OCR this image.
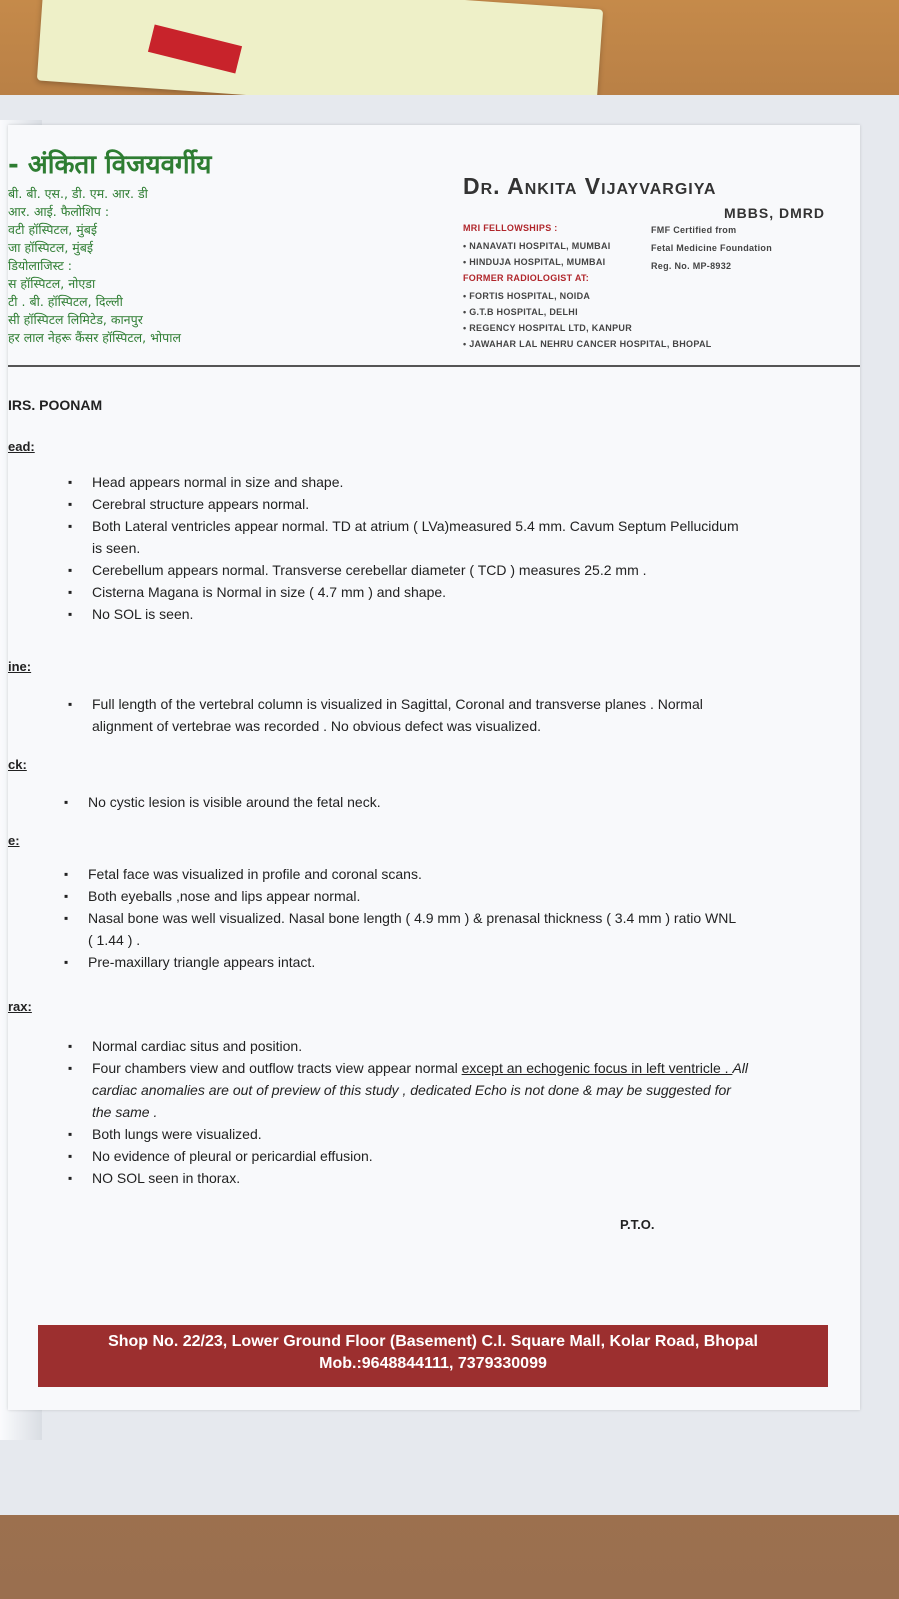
- अंकिता विजयवर्गीय
बी. बी. एस., डी. एम. आर. डी
आर. आई. फैलोशिप :
वटी हॉस्पिटल, मुंबई
जा हॉस्पिटल, मुंबई
डियोलाजिस्ट :
स हॉस्पिटल, नोएडा
टी . बी. हॉस्पिटल, दिल्ली
सी हॉस्पिटल लिमिटेड, कानपुर
हर लाल नेहरू कैंसर हॉस्पिटल, भोपाल
Dr. Ankita Vijayvargiya
MBBS, DMRD
MRI FELLOWSHIPS :
• NANAVATI HOSPITAL, MUMBAI
• HINDUJA HOSPITAL, MUMBAI
FORMER RADIOLOGIST AT:
• FORTIS HOSPITAL, NOIDA
• G.T.B HOSPITAL, DELHI
• REGENCY HOSPITAL LTD, KANPUR
• JAWAHAR LAL NEHRU CANCER HOSPITAL, BHOPAL
FMF Certified from
Fetal Medicine Foundation
Reg. No. MP-8932
IRS. POONAM
ead:
▪ Head appears normal in size and shape.
▪ Cerebral structure appears normal.
▪ Both Lateral ventricles appear normal. TD at atrium ( LVa)measured 5.4 mm. Cavum Septum Pellucidum is seen.
▪ Cerebellum appears normal. Transverse cerebellar diameter ( TCD ) measures 25.2 mm .
▪ Cisterna Magana is Normal in size ( 4.7 mm ) and shape.
▪ No SOL is seen.
ine:
▪ Full length of the vertebral column is visualized in Sagittal, Coronal and transverse planes . Normal alignment of vertebrae was recorded . No obvious defect was visualized.
ck:
▪ No cystic lesion is visible around the fetal neck.
e:
▪ Fetal face was visualized in profile and coronal scans.
▪ Both eyeballs ,nose and lips appear normal.
▪ Nasal bone was well visualized. Nasal bone length ( 4.9 mm ) & prenasal thickness ( 3.4 mm ) ratio WNL ( 1.44 ) .
▪ Pre-maxillary triangle appears intact.
rax:
▪ Normal cardiac situs and position.
▪ Four chambers view and outflow tracts view appear normal except an echogenic focus in left ventricle . All cardiac anomalies are out of preview of this study , dedicated Echo is not done & may be suggested for the same .
▪ Both lungs were visualized.
▪ No evidence of pleural or pericardial effusion.
▪ NO SOL seen in thorax.
P.T.O.
Shop No. 22/23, Lower Ground Floor (Basement) C.I. Square Mall, Kolar Road, Bhopal
Mob.:9648844111, 7379330099
